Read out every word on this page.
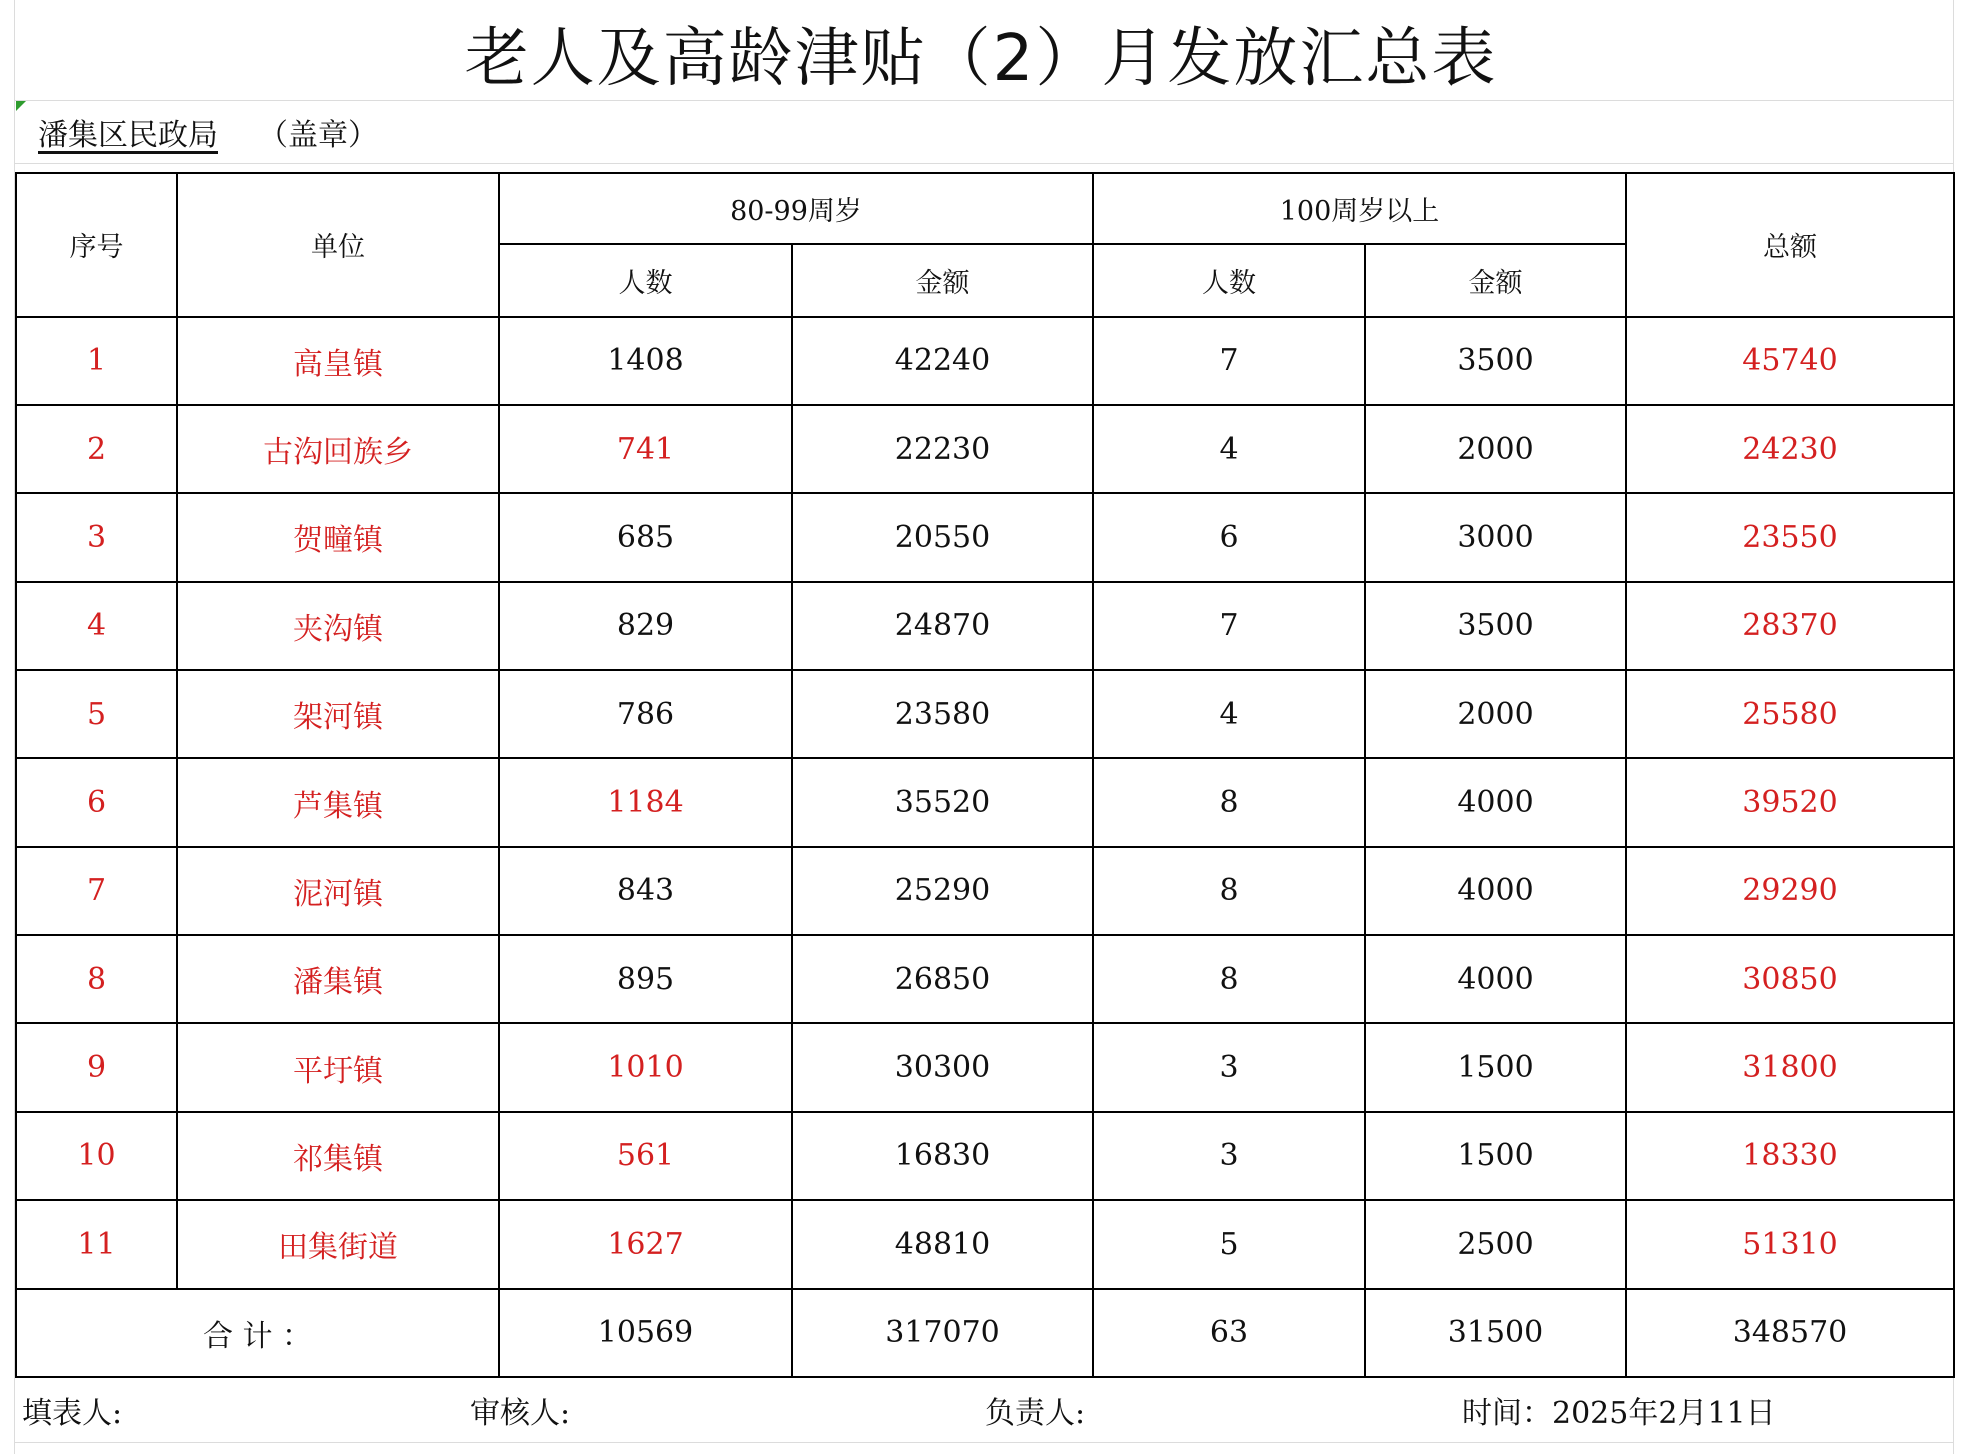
老人及高龄津贴（2）月发放汇总表
潘集区民政局 （盖章）
序号	单位	80-99周岁		100周岁以上		总额
		人数	金额	人数	金额	
1	高皇镇	1408	42240	7	3500	45740
2	古沟回族乡	741	22230	4	2000	24230
3	贺疃镇	685	20550	6	3000	23550
4	夹沟镇	829	24870	7	3500	28370
5	架河镇	786	23580	4	2000	25580
6	芦集镇	1184	35520	8	4000	39520
7	泥河镇	843	25290	8	4000	29290
8	潘集镇	895	26850	8	4000	30850
9	平圩镇	1010	30300	3	1500	31800
10	祁集镇	561	16830	3	1500	18330
11	田集街道	1627	48810	5	2500	51310
合 计 ：		10569	317070	63	31500	348570
填表人:	审核人:	负责人:	时间：2025年2月11日
